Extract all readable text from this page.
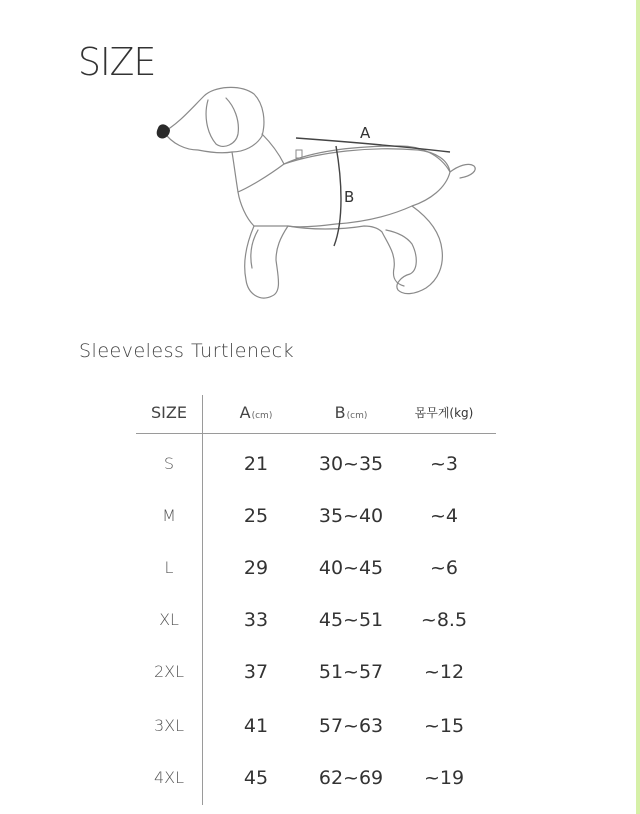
SIZE
A
B
Sleeveless Turtleneck
SIZE	A(cm)	B(cm)	몸무게(kg)
S	21	30~35	~3
M	25	35~40	~4
L	29	40~45	~6
XL	33	45~51	~8.5
2XL	37	51~57	~12
3XL	41	57~63	~15
4XL	45	62~69	~19
